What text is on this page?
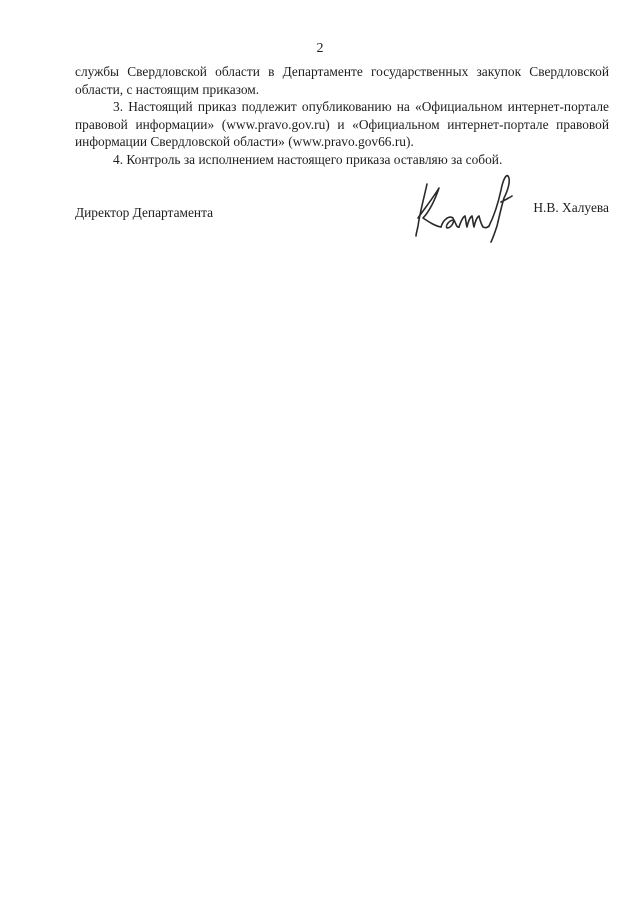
2

службы Свердловской области в Департаменте государственных закупок Свердловской области, с настоящим приказом.

3. Настоящий приказ подлежит опубликованию на «Официальном интернет-портале правовой информации» (www.pravo.gov.ru) и «Официальном интернет-портале правовой информации Свердловской области» (www.pravo.gov66.ru).

4. Контроль за исполнением настоящего приказа оставляю за собой.

Директор Департамента	Н.В. Халуева
